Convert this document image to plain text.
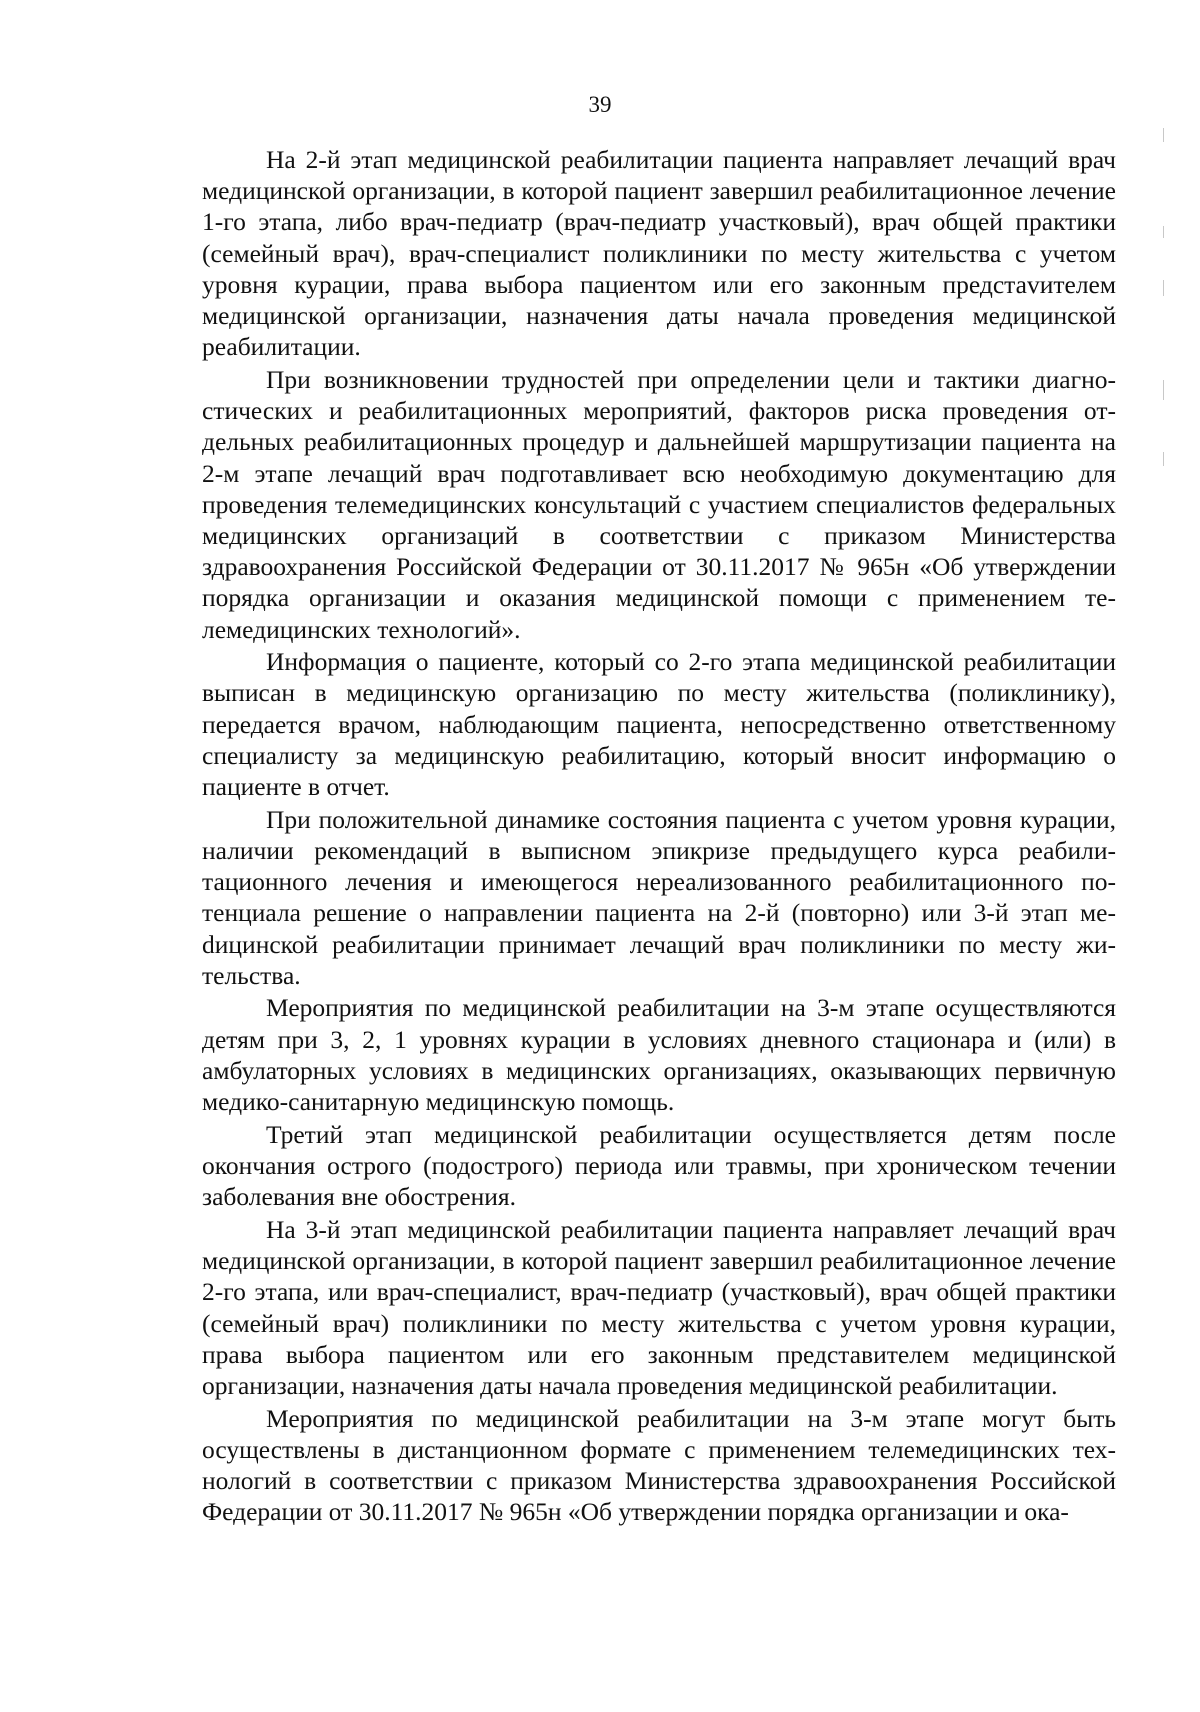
39

На 2-й этап медицинской реабилитации пациента направляет лечащий врач медицинской организации, в которой пациент завершил реабилитационное лечение 1-го этапа, либо врач-педиатр (врач-педиатр участковый), врач общей практики (семейный врач), врач-специалист поликлиники по месту жительства с учетом уровня курации, права выбора пациентом или его законным предстаvителем медицинской организации, назначения даты начала проведения медицинской реабилитации.

При возникновении трудностей при определении цели и тактики диагностических и реабилитационных мероприятий, факторов риска проведения отдельных реабилитационных процедур и дальнейшей маршрутизации пациента на 2-м этапе лечащий врач подготавливает всю необходимую документацию для проведения телемедицинских консультаций с участием специалистов федеральных медицинских организаций в соответствии с приказом Министерства здравоохранения Российской Федерации от 30.11.2017 № 965н «Об утверждении порядка организации и оказания медицинской помощи с применением телемедицинских технологий».

Информация о пациенте, который со 2-го этапа медицинской реабилитации выписан в медицинскую организацию по месту жительства (поликлинику), передается врачом, наблюдающим пациента, непосредственно ответственному специалисту за медицинскую реабилитацию, который вносит информацию о пациенте в отчет.

При положительной динамике состояния пациента с учетом уровня курации, наличии рекомендаций в выписном эпикризе предыдущего курса реабилитационного лечения и имеющегося нереализованного реабилитационного потенциала решение о направлении пациента на 2-й (повторно) или 3-й этап меdицинской реабилитации принимает лечащий врач поликлиники по месту жительства.

Мероприятия по медицинской реабилитации на 3-м этапе осуществляются детям при 3, 2, 1 уровнях курации в условиях дневного стационара и (или) в амбулаторных условиях в медицинских организациях, оказывающих первичную медико-санитарную медицинскую помощь.

Третий этап медицинской реабилитации осуществляется детям после окончания острого (подострого) периода или травмы, при хроническом течении заболевания вне обострения.

На 3-й этап медицинской реабилитации пациента направляет лечащий врач медицинской организации, в которой пациент завершил реабилитационное лечение 2-го этапа, или врач-специалист, врач-педиатр (участковый), врач общей практики (семейный врач) поликлиники по месту жительства с учетом уровня курации, права выбора пациентом или его законным представителем медицинской организации, назначения даты начала проведения медицинской реабилитации.

Мероприятия по медицинской реабилитации на 3-м этапе могут быть осуществлены в дистанционном формате с применением телемедицинских технологий в соответствии с приказом Министерства здравоохранения Российской Федерации от 30.11.2017 № 965н «Об утверждении порядка организации и ока-
